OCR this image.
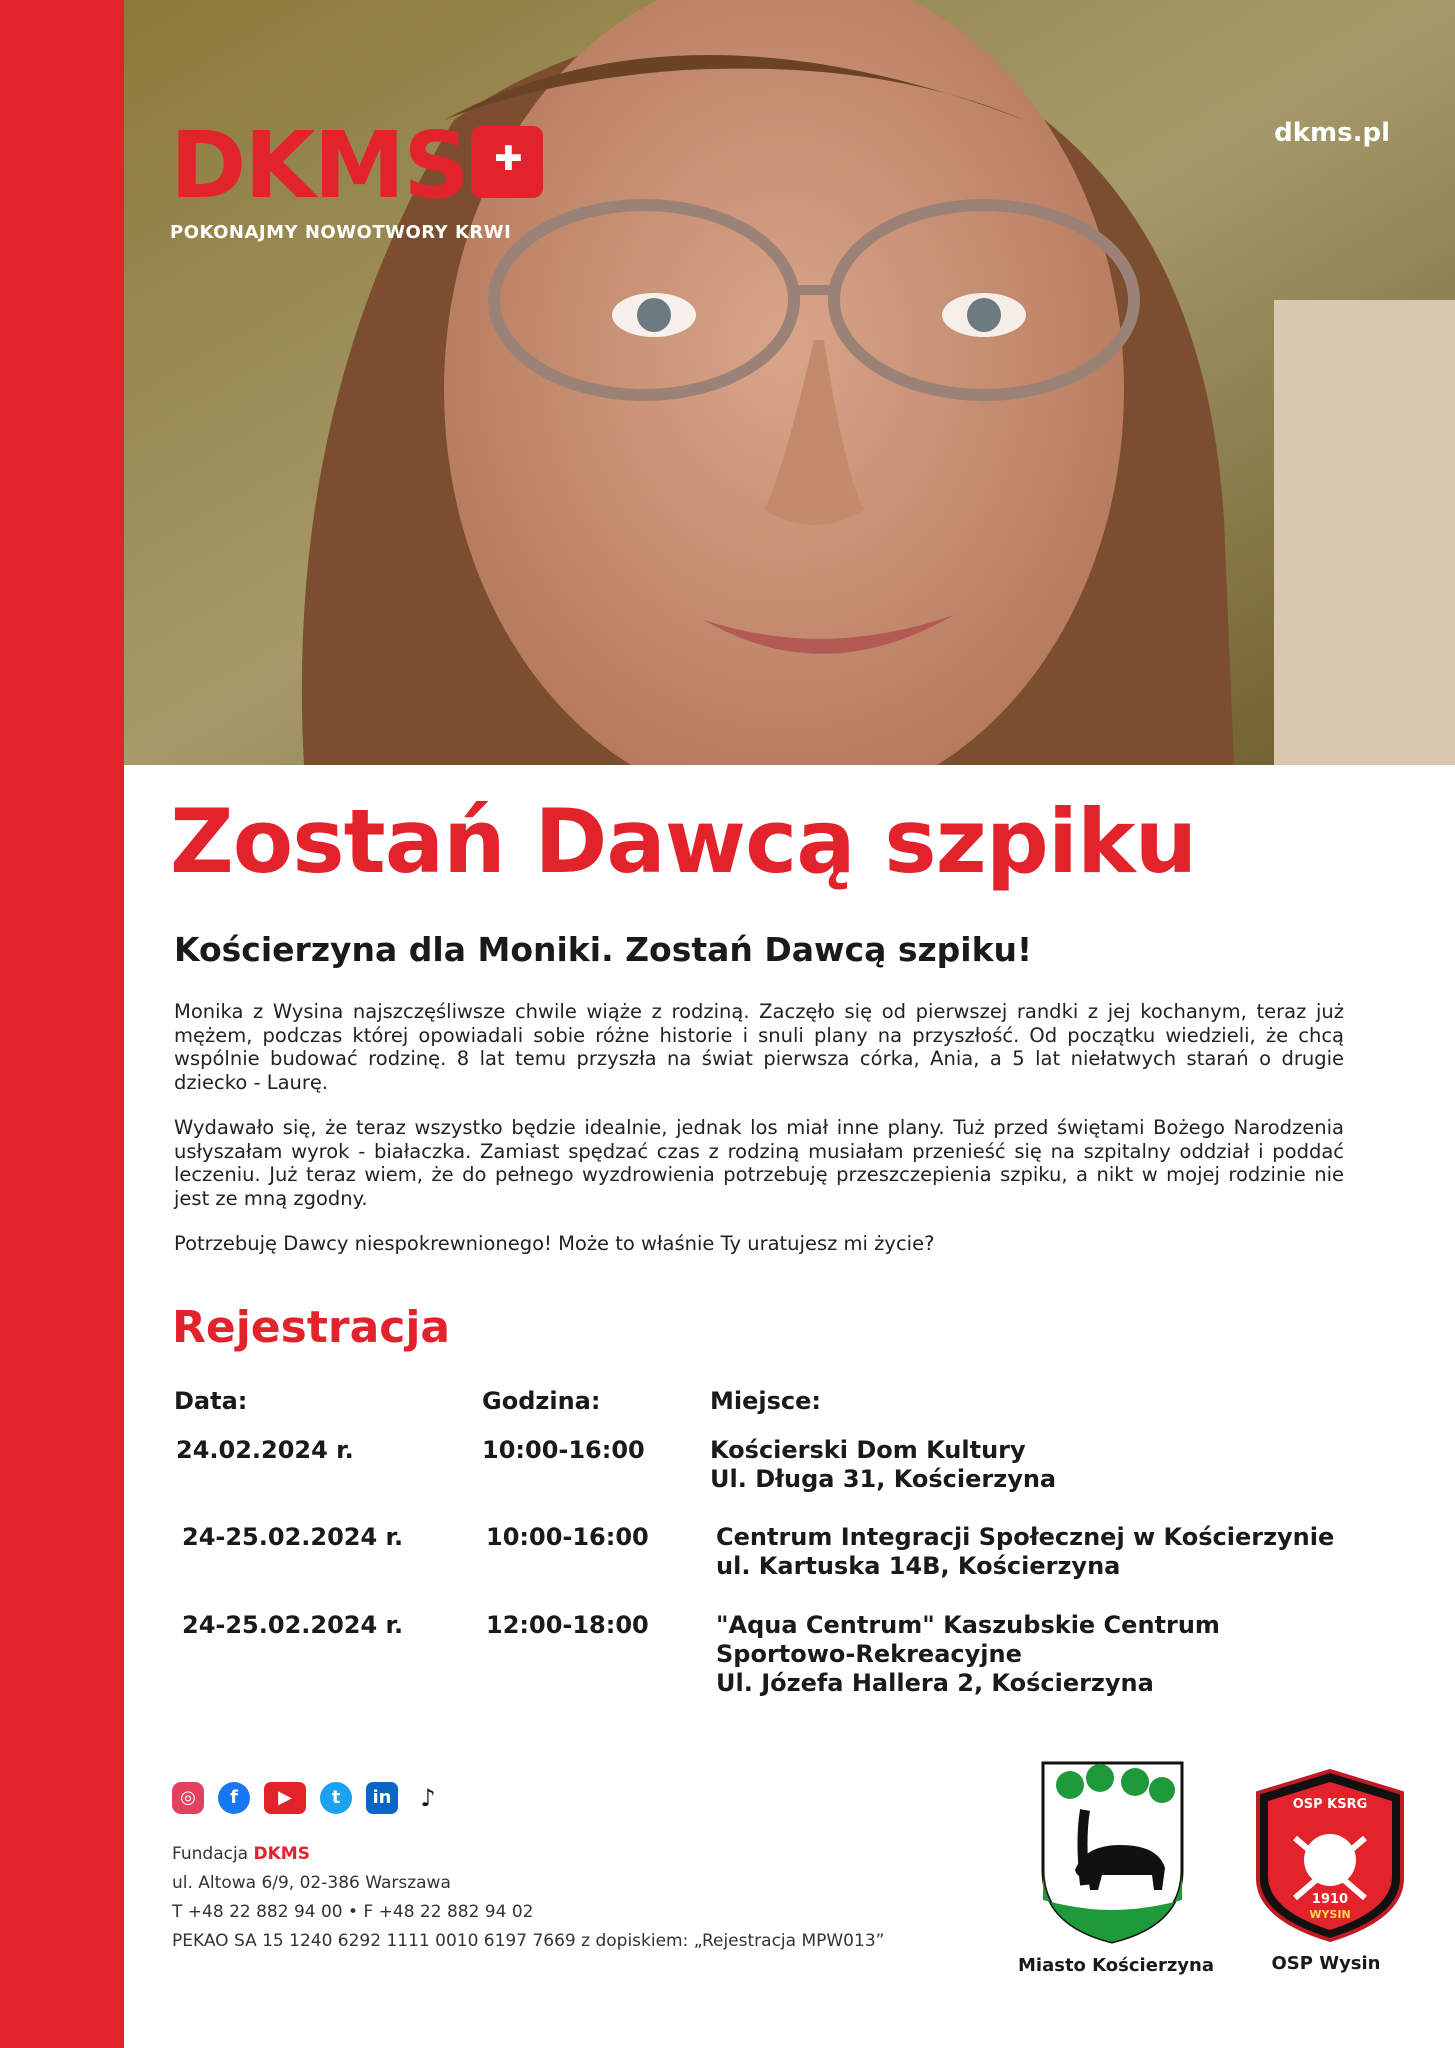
DKMS ✚
POKONAJMY NOWOTWORY KRWI
dkms.pl
Zostań Dawcą szpiku
Kościerzyna dla Moniki. Zostań Dawcą szpiku!

Monika z Wysina najszczęśliwsze chwile wiąże z rodziną. Zaczęło się od pierwszej randki z jej kochanym, teraz już mężem, podczas której opowiadali sobie różne historie i snuli plany na przyszłość. Od początku wiedzieli, że chcą wspólnie budować rodzinę. 8 lat temu przyszła na świat pierwsza córka, Ania, a 5 lat niełatwych starań o drugie dziecko - Laurę.

Wydawało się, że teraz wszystko będzie idealnie, jednak los miał inne plany. Tuż przed świętami Bożego Narodzenia usłyszałam wyrok - białaczka. Zamiast spędzać czas z rodziną musiałam przenieść się na szpitalny oddział i poddać leczeniu. Już teraz wiem, że do pełnego wyzdrowienia potrzebuję przeszczepienia szpiku, a nikt w mojej rodzinie nie jest ze mną zgodny.

Potrzebuję Dawcy niespokrewnionego! Może to właśnie Ty uratujesz mi życie?

Rejestracja
Data:	Godzina:	Miejsce:
24.02.2024 r.	10:00-16:00	Kościerski Dom Kultury
Ul. Długa 31, Kościerzyna
24-25.02.2024 r.	10:00-16:00	Centrum Integracji Społecznej w Kościerzynie
ul. Kartuska 14B, Kościerzyna
24-25.02.2024 r.	12:00-18:00	"Aqua Centrum" Kaszubskie Centrum
Sportowo-Rekreacyjne
Ul. Józefa Hallera 2, Kościerzyna
◎	f	▶	t	in	♪
Fundacja DKMS
ul. Altowa 6/9, 02-386 Warszawa
T +48 22 882 94 00 • F +48 22 882 94 02
PEKAO SA 15 1240 6292 1111 0010 6197 7669 z dopiskiem: „Rejestracja MPW013”
Miasto Kościerzyna
OSP KSRG
1910
WYSIN
OSP Wysin
